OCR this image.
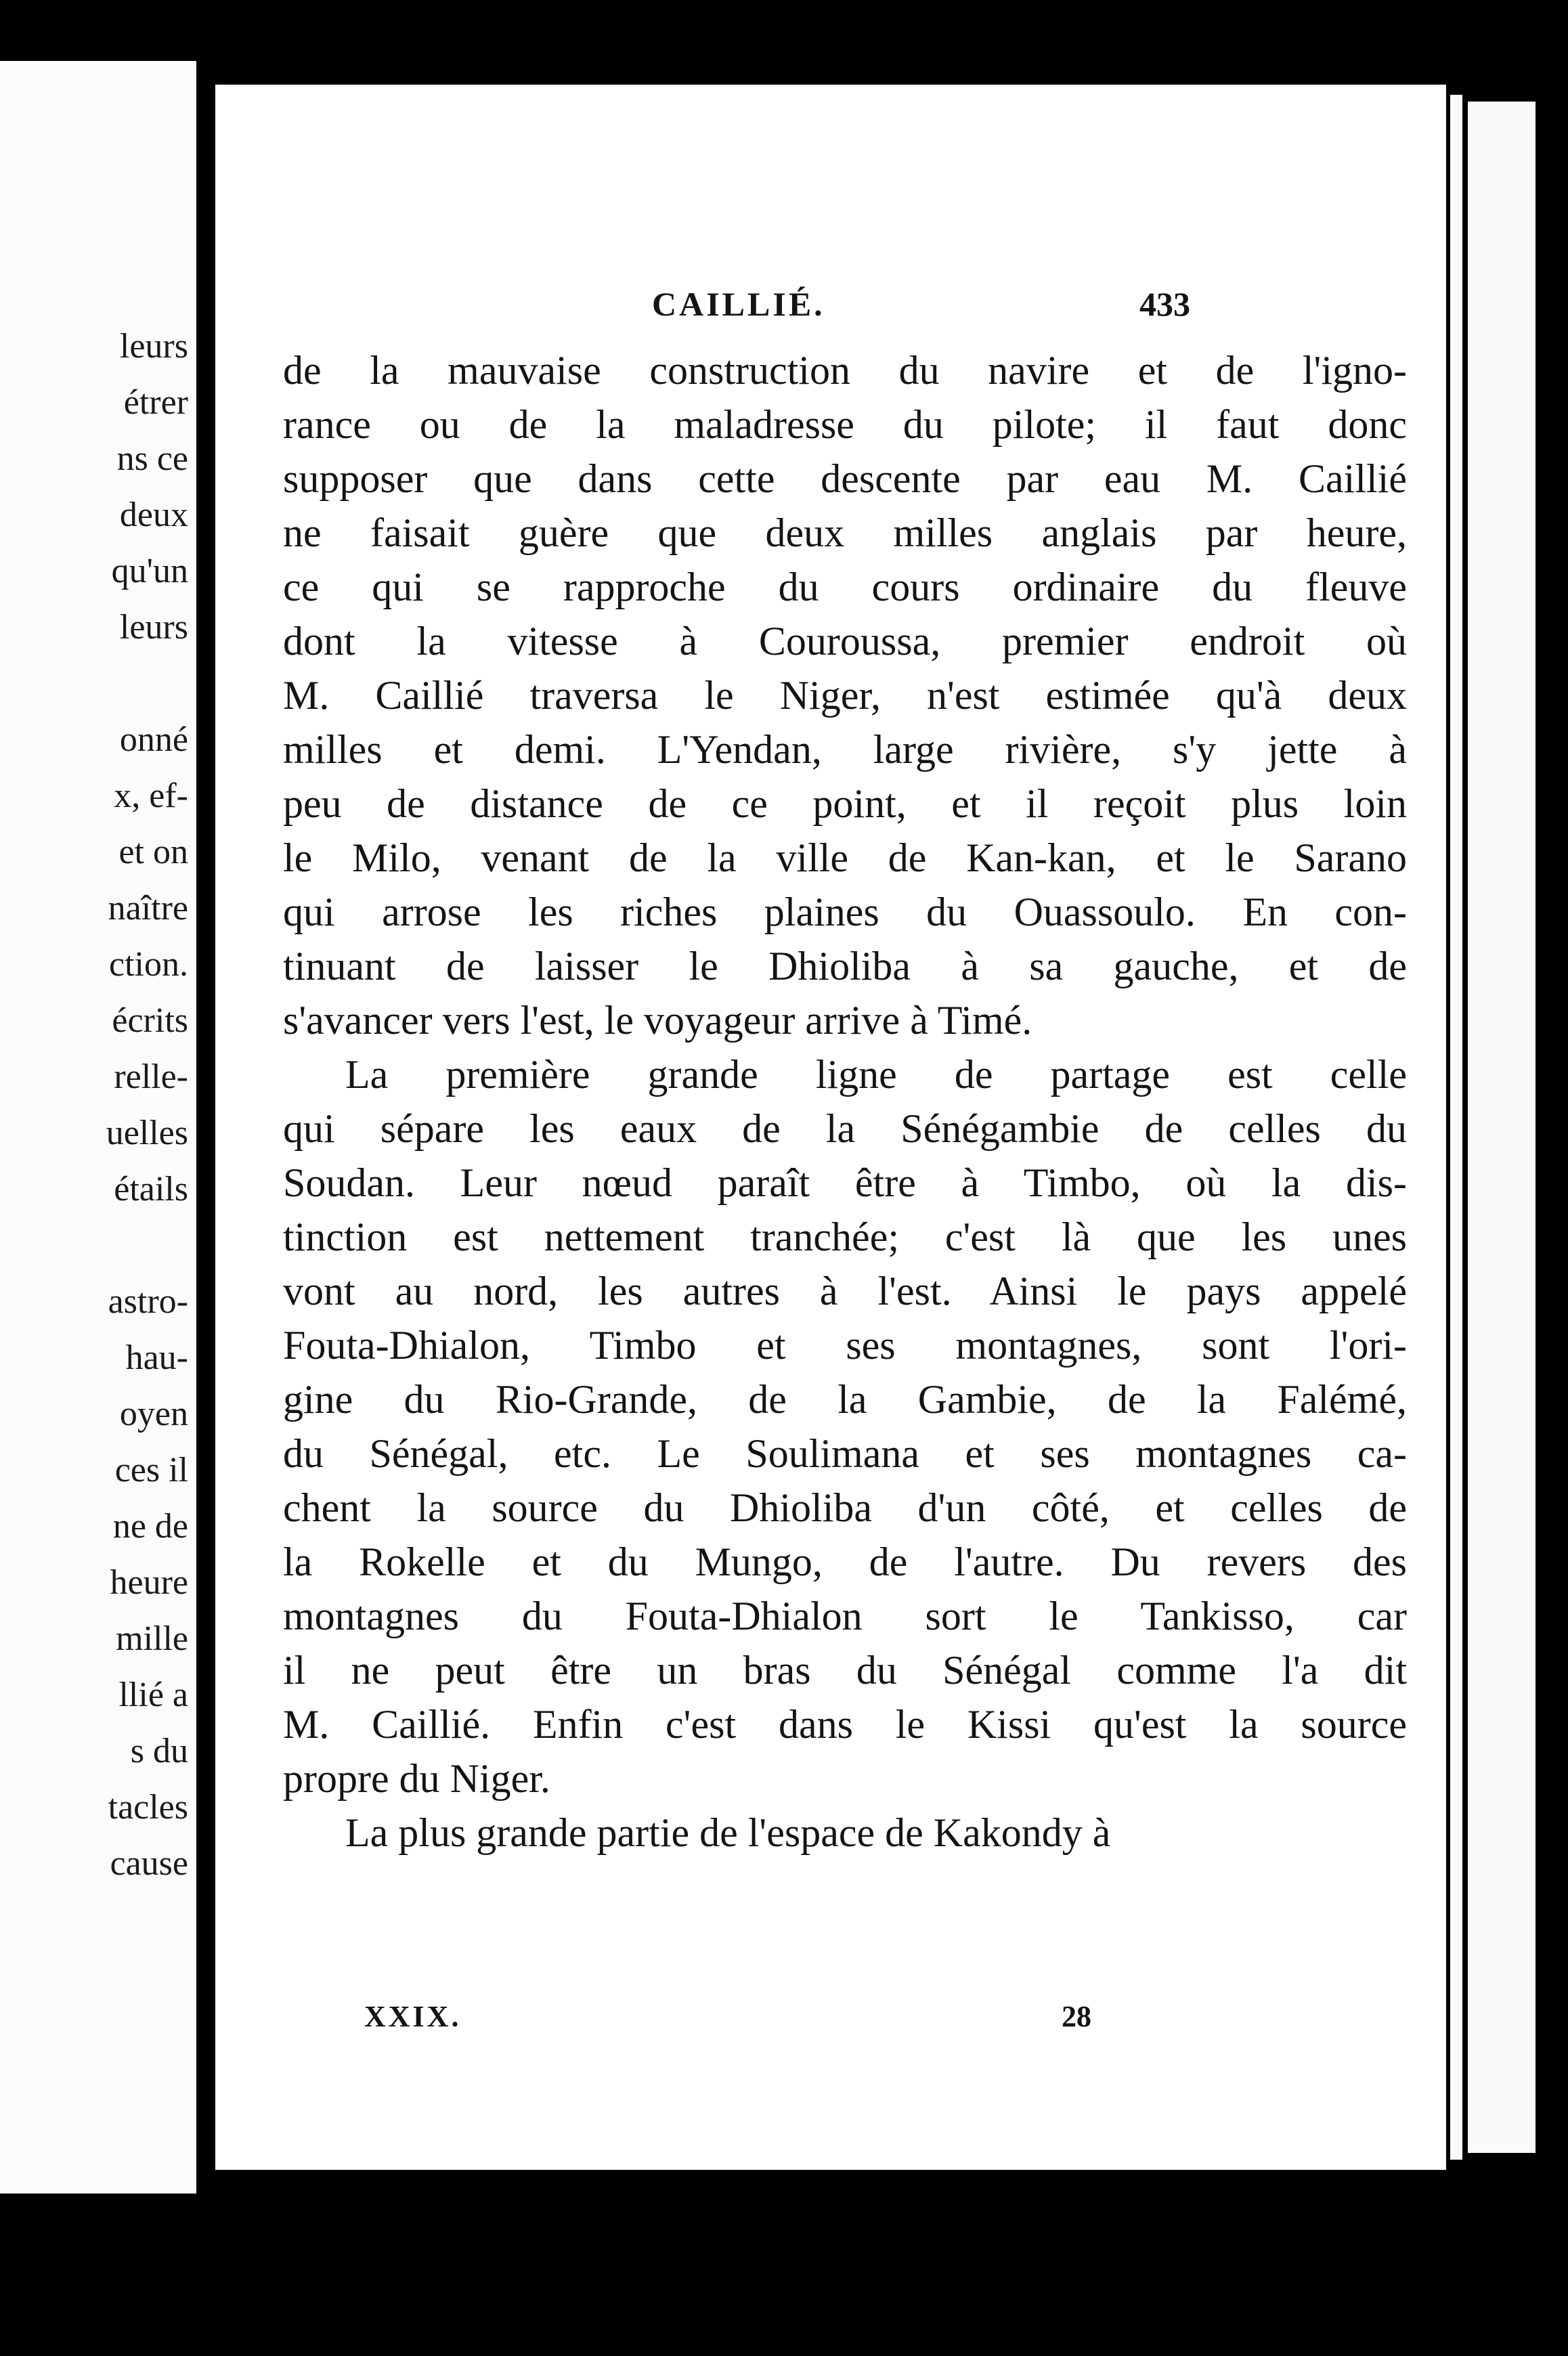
leurs
étrer
ns ce
deux
qu'un
leurs
onné
x, ef-
et on
naître
ction.
écrits
relle-
uelles
étails
astro-
hau-
oyen
ces il
ne de
heure
mille
llié a
s du
tacles
cause
CAILLIÉ.	433
de la mauvaise construction du navire et de l'igno-
rance ou de la maladresse du pilote; il faut donc
supposer que dans cette descente par eau M. Caillié
ne faisait guère que deux milles anglais par heure,
ce qui se rapproche du cours ordinaire du fleuve
dont la vitesse à Couroussa, premier endroit où
M. Caillié traversa le Niger, n'est estimée qu'à deux
milles et demi. L'Yendan, large rivière, s'y jette à
peu de distance de ce point, et il reçoit plus loin
le Milo, venant de la ville de Kan-kan, et le Sarano
qui arrose les riches plaines du Ouassoulo. En con-
tinuant de laisser le Dhioliba à sa gauche, et de
s'avancer vers l'est, le voyageur arrive à Timé.
La première grande ligne de partage est celle
qui sépare les eaux de la Sénégambie de celles du
Soudan. Leur nœud paraît être à Timbo, où la dis-
tinction est nettement tranchée; c'est là que les unes
vont au nord, les autres à l'est. Ainsi le pays appelé
Fouta-Dhialon, Timbo et ses montagnes, sont l'ori-
gine du Rio-Grande, de la Gambie, de la Falémé,
du Sénégal, etc. Le Soulimana et ses montagnes ca-
chent la source du Dhioliba d'un côté, et celles de
la Rokelle et du Mungo, de l'autre. Du revers des
montagnes du Fouta-Dhialon sort le Tankisso, car
il ne peut être un bras du Sénégal comme l'a dit
M. Caillié. Enfin c'est dans le Kissi qu'est la source
propre du Niger.
La plus grande partie de l'espace de Kakondy à
XXIX.	28
